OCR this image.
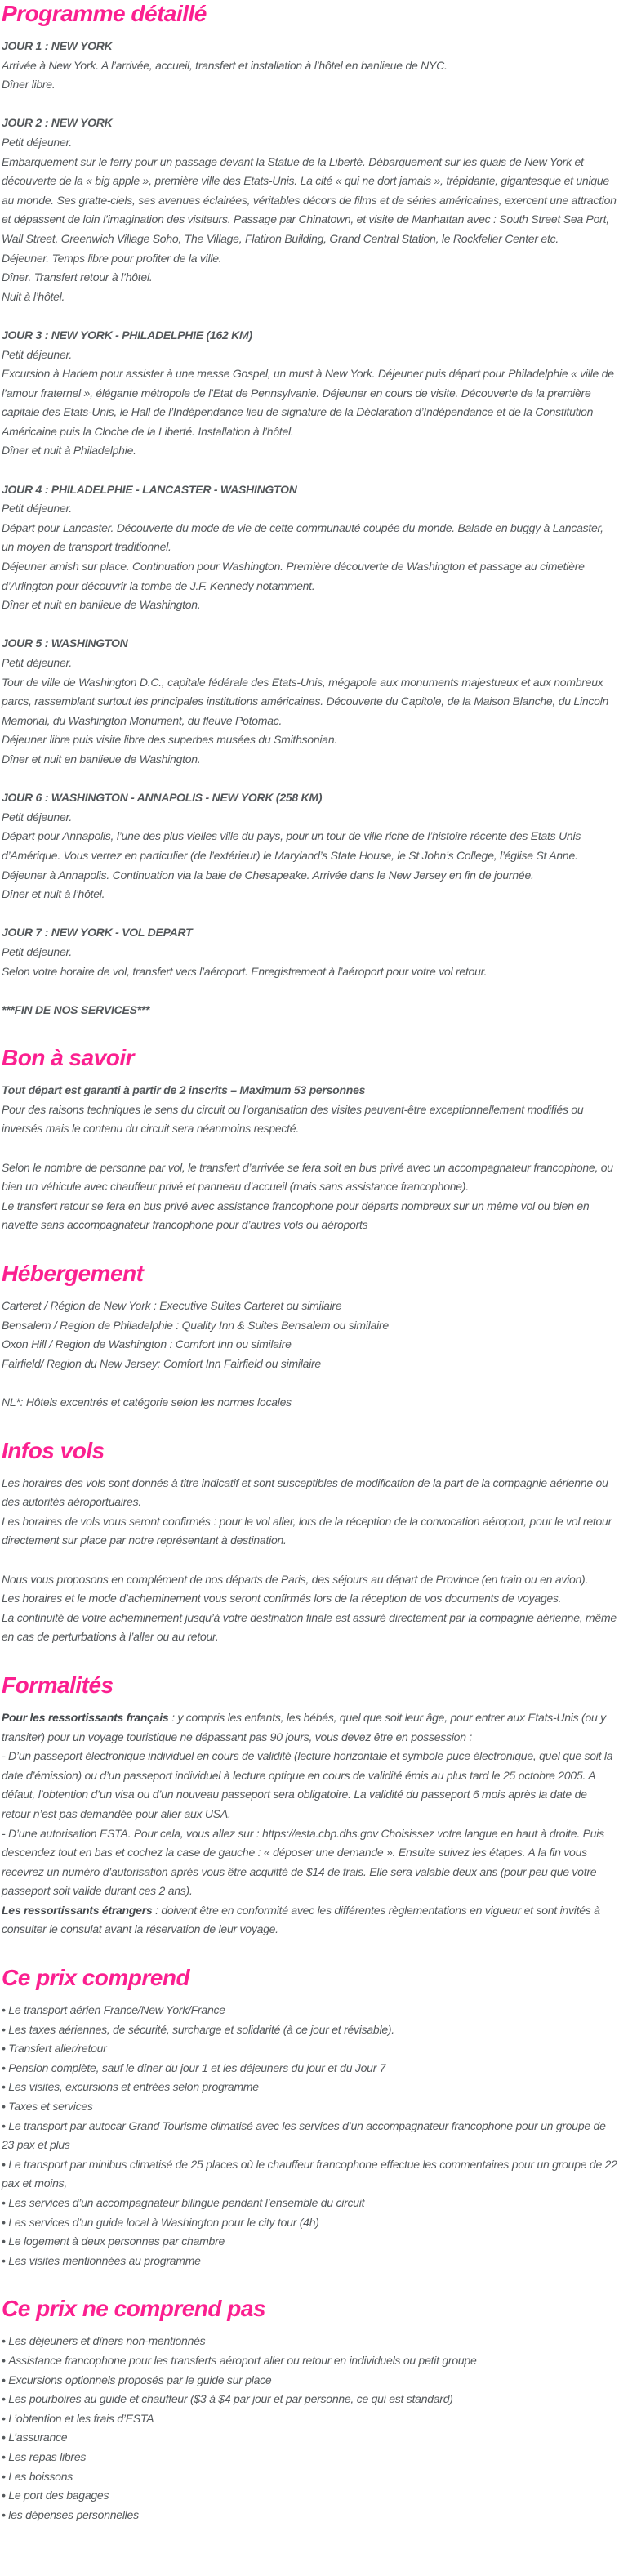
Programme détaillé

JOUR 1 : NEW YORK

Arrivée à New York. A l’arrivée, accueil, transfert et installation à l’hôtel en banlieue de NYC.

Dîner libre.

JOUR 2 : NEW YORK

Petit déjeuner.

Embarquement sur le ferry pour un passage devant la Statue de la Liberté. Débarquement sur les quais de New York et découverte de la « big apple », première ville des Etats-Unis. La cité « qui ne dort jamais », trépidante, gigantesque et unique au monde. Ses gratte-ciels, ses avenues éclairées, véritables décors de films et de séries américaines, exercent une attraction et dépassent de loin l’imagination des visiteurs. Passage par Chinatown, et visite de Manhattan avec : South Street Sea Port, Wall Street, Greenwich Village Soho, The Village, Flatiron Building, Grand Central Station, le Rockfeller Center etc.

Déjeuner. Temps libre pour profiter de la ville.

Dîner. Transfert retour à l’hôtel.

Nuit à l’hôtel.

JOUR 3 : NEW YORK - PHILADELPHIE (162 KM)

Petit déjeuner.

Excursion à Harlem pour assister à une messe Gospel, un must à New York. Déjeuner puis départ pour Philadelphie « ville de l’amour fraternel », élégante métropole de l’Etat de Pennsylvanie. Déjeuner en cours de visite. Découverte de la première capitale des Etats-Unis, le Hall de l’Indépendance lieu de signature de la Déclaration d’Indépendance et de la Constitution Américaine puis la Cloche de la Liberté. Installation à l’hôtel.

Dîner et nuit à Philadelphie.

JOUR 4 : PHILADELPHIE - LANCASTER - WASHINGTON

Petit déjeuner.

Départ pour Lancaster. Découverte du mode de vie de cette communauté coupée du monde. Balade en buggy à Lancaster, un moyen de transport traditionnel.

Déjeuner amish sur place. Continuation pour Washington. Première découverte de Washington et passage au cimetière d’Arlington pour découvrir la tombe de J.F. Kennedy notamment.

Dîner et nuit en banlieue de Washington.

JOUR 5 : WASHINGTON

Petit déjeuner.

Tour de ville de Washington D.C., capitale fédérale des Etats-Unis, mégapole aux monuments majestueux et aux nombreux parcs, rassemblant surtout les principales institutions américaines. Découverte du Capitole, de la Maison Blanche, du Lincoln Memorial, du Washington Monument, du fleuve Potomac.

Déjeuner libre puis visite libre des superbes musées du Smithsonian.

Dîner et nuit en banlieue de Washington.

JOUR 6 : WASHINGTON - ANNAPOLIS - NEW YORK (258 KM)

Petit déjeuner.

Départ pour Annapolis, l’une des plus vielles ville du pays, pour un tour de ville riche de l’histoire récente des Etats Unis d’Amérique. Vous verrez en particulier (de l’extérieur) le Maryland’s State House, le St John’s College, l’église St Anne.

Déjeuner à Annapolis. Continuation via la baie de Chesapeake. Arrivée dans le New Jersey en fin de journée.

Dîner et nuit à l’hôtel.

JOUR 7 : NEW YORK - VOL DEPART

Petit déjeuner.

Selon votre horaire de vol, transfert vers l’aéroport. Enregistrement à l’aéroport pour votre vol retour.

***FIN DE NOS SERVICES***

Bon à savoir

Tout départ est garanti à partir de 2 inscrits – Maximum 53 personnes

Pour des raisons techniques le sens du circuit ou l’organisation des visites peuvent-être exceptionnellement modifiés ou inversés mais le contenu du circuit sera néanmoins respecté.

Selon le nombre de personne par vol, le transfert d’arrivée se fera soit en bus privé avec un accompagnateur francophone, ou bien un véhicule avec chauffeur privé et panneau d’accueil (mais sans assistance francophone).

Le transfert retour se fera en bus privé avec assistance francophone pour départs nombreux sur un même vol ou bien en navette sans accompagnateur francophone pour d’autres vols ou aéroports

Hébergement

Carteret / Région de New York : Executive Suites Carteret ou similaire

Bensalem / Region de Philadelphie : Quality Inn & Suites Bensalem ou similaire

Oxon Hill / Region de Washington : Comfort Inn ou similaire

Fairfield/ Region du New Jersey: Comfort Inn Fairfield ou similaire

NL*: Hôtels excentrés et catégorie selon les normes locales

Infos vols

Les horaires des vols sont donnés à titre indicatif et sont susceptibles de modification de la part de la compagnie aérienne ou des autorités aéroportuaires.

Les horaires de vols vous seront confirmés : pour le vol aller, lors de la réception de la convocation aéroport, pour le vol retour directement sur place par notre représentant à destination.

Nous vous proposons en complément de nos départs de Paris, des séjours au départ de Province (en train ou en avion).

Les horaires et le mode d’acheminement vous seront confirmés lors de la réception de vos documents de voyages.

La continuité de votre acheminement jusqu’à votre destination finale est assuré directement par la compagnie aérienne, même en cas de perturbations à l’aller ou au retour.

Formalités

Pour les ressortissants français : y compris les enfants, les bébés, quel que soit leur âge, pour entrer aux Etats-Unis (ou y transiter) pour un voyage touristique ne dépassant pas 90 jours, vous devez être en possession :

- D’un passeport électronique individuel en cours de validité (lecture horizontale et symbole puce électronique, quel que soit la date d’émission) ou d’un passeport individuel à lecture optique en cours de validité émis au plus tard le 25 octobre 2005. A défaut, l’obtention d’un visa ou d’un nouveau passeport sera obligatoire. La validité du passeport 6 mois après la date de retour n’est pas demandée pour aller aux USA.

- D’une autorisation ESTA. Pour cela, vous allez sur : https://esta.cbp.dhs.gov Choisissez votre langue en haut à droite. Puis descendez tout en bas et cochez la case de gauche : « déposer une demande ». Ensuite suivez les étapes. A la fin vous recevrez un numéro d’autorisation après vous être acquitté de $14 de frais. Elle sera valable deux ans (pour peu que votre passeport soit valide durant ces 2 ans).

Les ressortissants étrangers : doivent être en conformité avec les différentes règlementations en vigueur et sont invités à consulter le consulat avant la réservation de leur voyage.

Ce prix comprend

• Le transport aérien France/New York/France

• Les taxes aériennes, de sécurité, surcharge et solidarité (à ce jour et révisable).

• Transfert aller/retour

• Pension complète, sauf le dîner du jour 1 et les déjeuners du jour et du Jour 7

• Les visites, excursions et entrées selon programme

• Taxes et services

• Le transport par autocar Grand Tourisme climatisé avec les services d’un accompagnateur francophone pour un groupe de 23 pax et plus

• Le transport par minibus climatisé de 25 places où le chauffeur francophone effectue les commentaires pour un groupe de 22 pax et moins,

• Les services d’un accompagnateur bilingue pendant l’ensemble du circuit

• Les services d’un guide local à Washington pour le city tour (4h)

• Le logement à deux personnes par chambre

• Les visites mentionnées au programme

Ce prix ne comprend pas

• Les déjeuners et dîners non-mentionnés

• Assistance francophone pour les transferts aéroport aller ou retour en individuels ou petit groupe

• Excursions optionnels proposés par le guide sur place

• Les pourboires au guide et chauffeur ($3 à $4 par jour et par personne, ce qui est standard)

• L’obtention et les frais d’ESTA

• L’assurance

• Les repas libres

• Les boissons

• Le port des bagages

• les dépenses personnelles
